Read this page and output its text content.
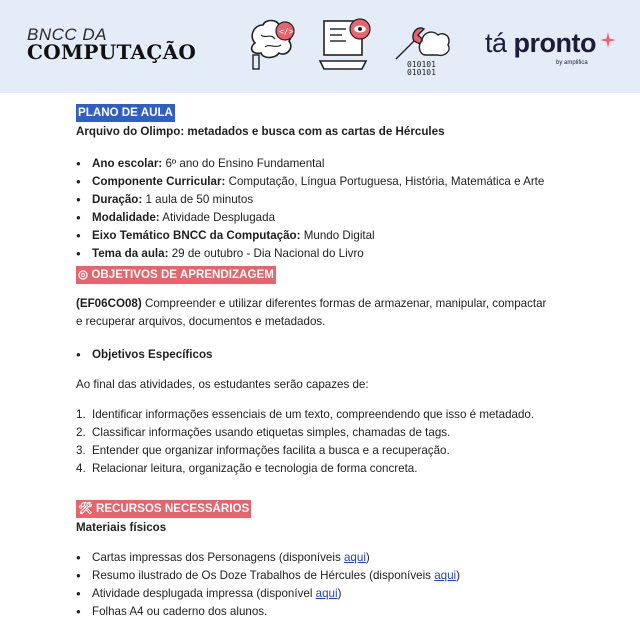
BNCC DA
COMPUTAÇÃO
</>
010101
010101
tá pronto
by amplifica
PLANO DE AULA
Arquivo do Olimpo: metadados e busca com as cartas de Hércules
● Ano escolar: 6º ano do Ensino Fundamental
● Componente Curricular: Computação, Língua Portuguesa, História, Matemática e Arte
● Duração: 1 aula de 50 minutos
● Modalidade: Atividade Desplugada
● Eixo Temático BNCC da Computação: Mundo Digital
● Tema da aula: 29 de outubro - Dia Nacional do Livro
◎ OBJETIVOS DE APRENDIZAGEM

(EF06CO08) Compreender e utilizar diferentes formas de armazenar, manipular, compactar
e recuperar arquivos, documentos e metadados.

● Objetivos Específicos

Ao final das atividades, os estudantes serão capazes de:

1. Identificar informações essenciais de um texto, compreendendo que isso é metadado.
2. Classificar informações usando etiquetas simples, chamadas de tags.
3. Entender que organizar informações facilita a busca e a recuperação.
4. Relacionar leitura, organização e tecnologia de forma concreta.
🛠 RECURSOS NECESSÁRIOS
Materiais físicos
● Cartas impressas dos Personagens (disponíveis aqui)
● Resumo ilustrado de Os Doze Trabalhos de Hércules (disponíveis aqui)
● Atividade desplugada impressa (disponível aqui)
● Folhas A4 ou caderno dos alunos.
